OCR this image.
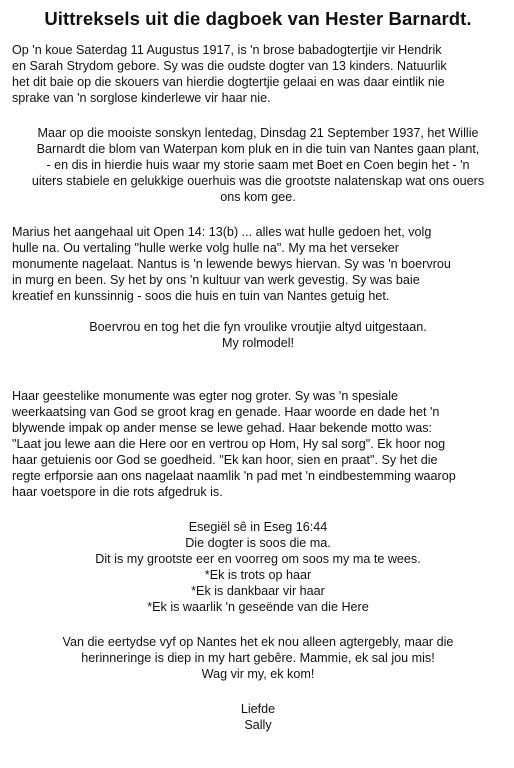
Uittreksels uit die dagboek van Hester Barnardt.
Op 'n koue Saterdag 11 Augustus 1917, is 'n brose babadogtertjie vir Hendrik
en Sarah Strydom gebore. Sy was die oudste dogter van 13 kinders. Natuurlik
het dit baie op die skouers van hierdie dogtertjie gelaai en was daar eintlik nie
sprake van 'n sorglose kinderlewe vir haar nie.
Maar op die mooiste sonskyn lentedag, Dinsdag 21 September 1937, het Willie
Barnardt die blom van Waterpan kom pluk en in die tuin van Nantes gaan plant,
- en dis in hierdie huis waar my storie saam met Boet en Coen begin het - 'n
uiters stabiele en gelukkige ouerhuis was die grootste nalatenskap wat ons ouers
ons kom gee.
Marius het aangehaal uit Open 14: 13(b) ... alles wat hulle gedoen het, volg
hulle na. Ou vertaling "hulle werke volg hulle na". My ma het verseker
monumente nagelaat. Nantus is 'n lewende bewys hiervan. Sy was 'n boervrou
in murg en been. Sy het by ons 'n kultuur van werk gevestig. Sy was baie
kreatief en kunssinnig - soos die huis en tuin van Nantes getuig het.
Boervrou en tog het die fyn vroulike vroutjie altyd uitgestaan.
My rolmodel!
Haar geestelike monumente was egter nog groter. Sy was 'n spesiale
weerkaatsing van God se groot krag en genade. Haar woorde en dade het 'n
blywende impak op ander mense se lewe gehad. Haar bekende motto was:
"Laat jou lewe aan die Here oor en vertrou op Hom, Hy sal sorg". Ek hoor nog
haar getuienis oor God se goedheid. "Ek kan hoor, sien en praat". Sy het die
regte erfporsie aan ons nagelaat naamlik 'n pad met 'n eindbestemming waarop
haar voetspore in die rots afgedruk is.
Esegiël sê in Eseg 16:44
Die dogter is soos die ma.
Dit is my grootste eer en voorreg om soos my ma te wees.
*Ek is trots op haar
*Ek is dankbaar vir haar
*Ek is waarlik 'n geseënde van die Here
Van die eertydse vyf op Nantes het ek nou alleen agtergebly, maar die
herinneringe is diep in my hart gebêre. Mammie, ek sal jou mis!
Wag vir my, ek kom!
Liefde
Sally
